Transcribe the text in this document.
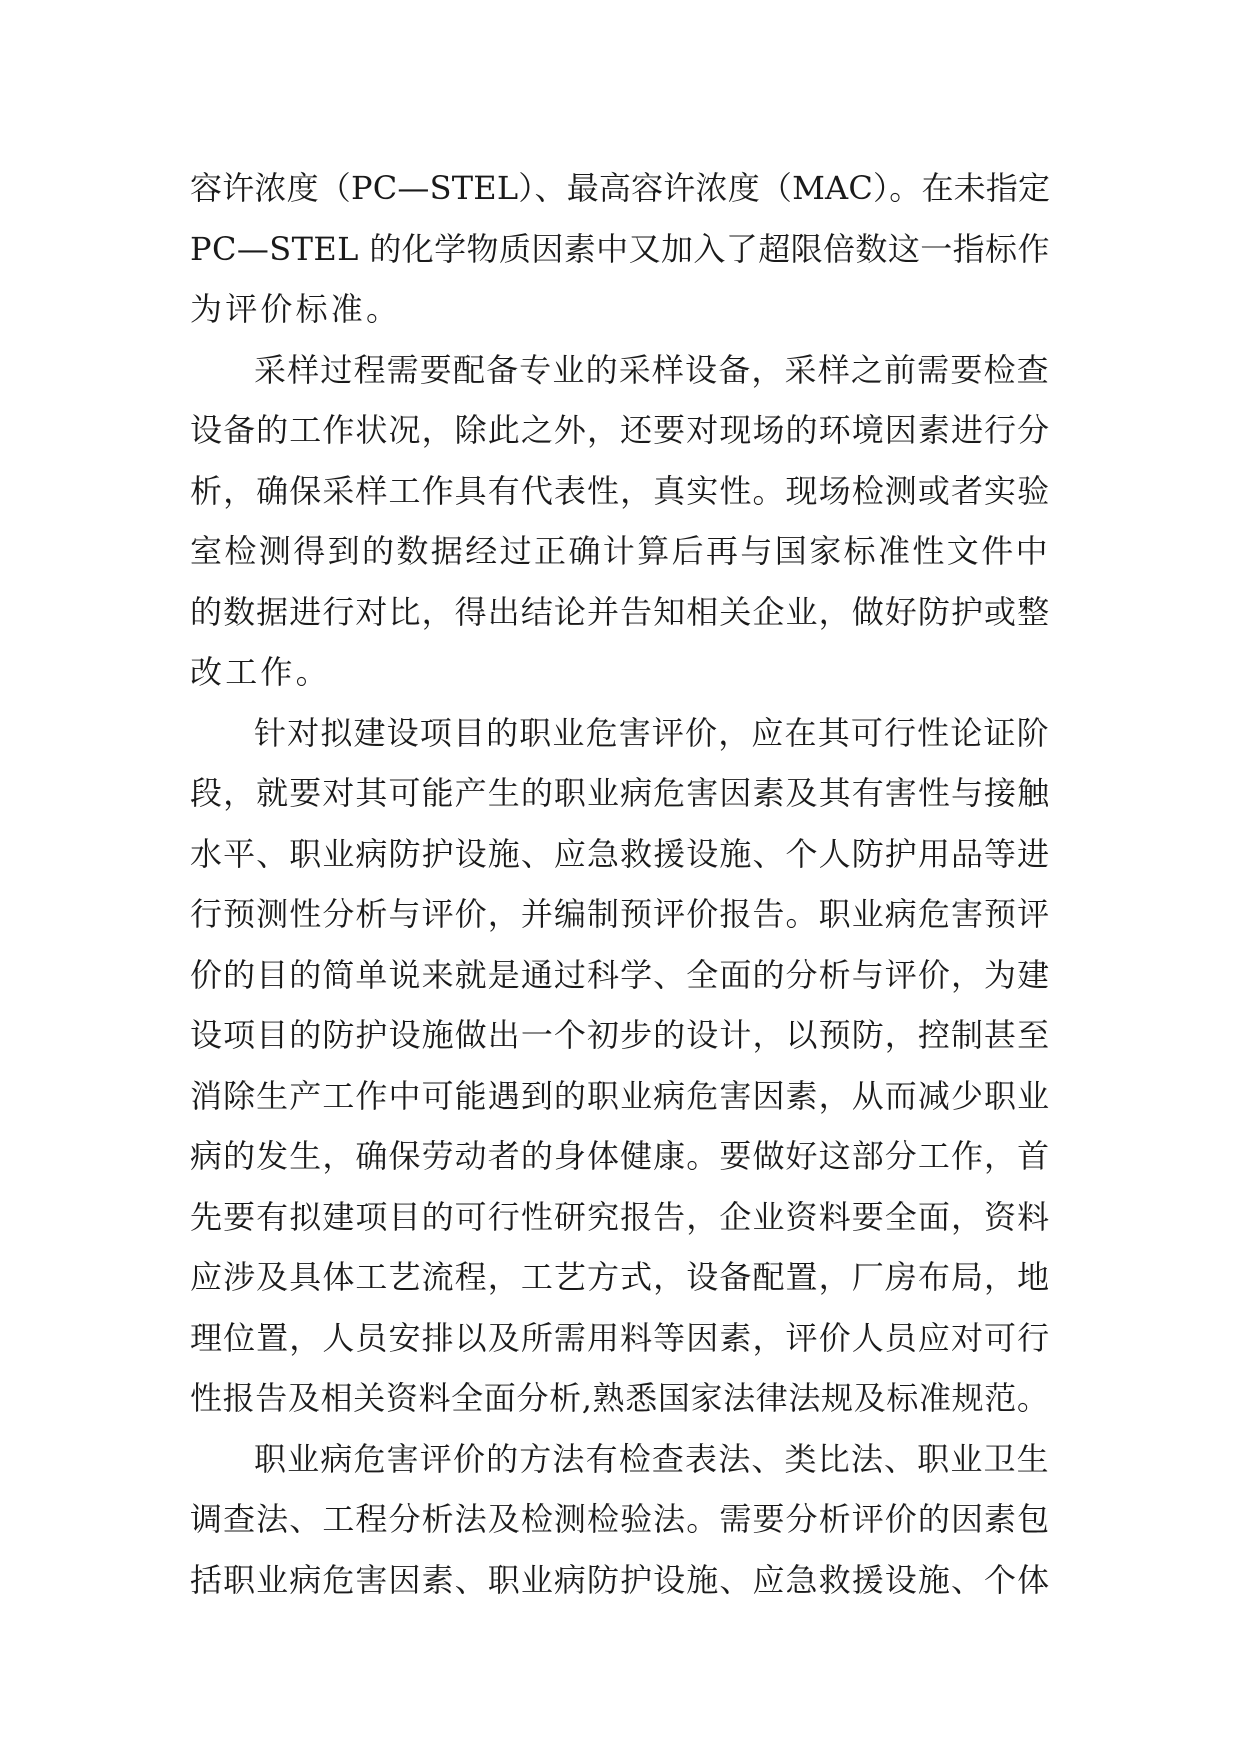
容许浓度（PC—STEL）、最高容许浓度（MAC）。在未指定
PC—STEL 的化学物质因素中又加入了超限倍数这一指标作
为评价标准。
采样过程需要配备专业的采样设备，采样之前需要检查
设备的工作状况，除此之外，还要对现场的环境因素进行分
析，确保采样工作具有代表性，真实性。现场检测或者实验
室检测得到的数据经过正确计算后再与国家标准性文件中
的数据进行对比，得出结论并告知相关企业，做好防护或整
改工作。
针对拟建设项目的职业危害评价，应在其可行性论证阶
段，就要对其可能产生的职业病危害因素及其有害性与接触
水平、职业病防护设施、应急救援设施、个人防护用品等进
行预测性分析与评价，并编制预评价报告。职业病危害预评
价的目的简单说来就是通过科学、全面的分析与评价，为建
设项目的防护设施做出一个初步的设计，以预防，控制甚至
消除生产工作中可能遇到的职业病危害因素，从而减少职业
病的发生，确保劳动者的身体健康。要做好这部分工作，首
先要有拟建项目的可行性研究报告，企业资料要全面，资料
应涉及具体工艺流程，工艺方式，设备配置，厂房布局，地
理位置，人员安排以及所需用料等因素，评价人员应对可行
性报告及相关资料全面分析,熟悉国家法律法规及标准规范。
职业病危害评价的方法有检查表法、类比法、职业卫生
调查法、工程分析法及检测检验法。需要分析评价的因素包
括职业病危害因素、职业病防护设施、应急救援设施、个体
